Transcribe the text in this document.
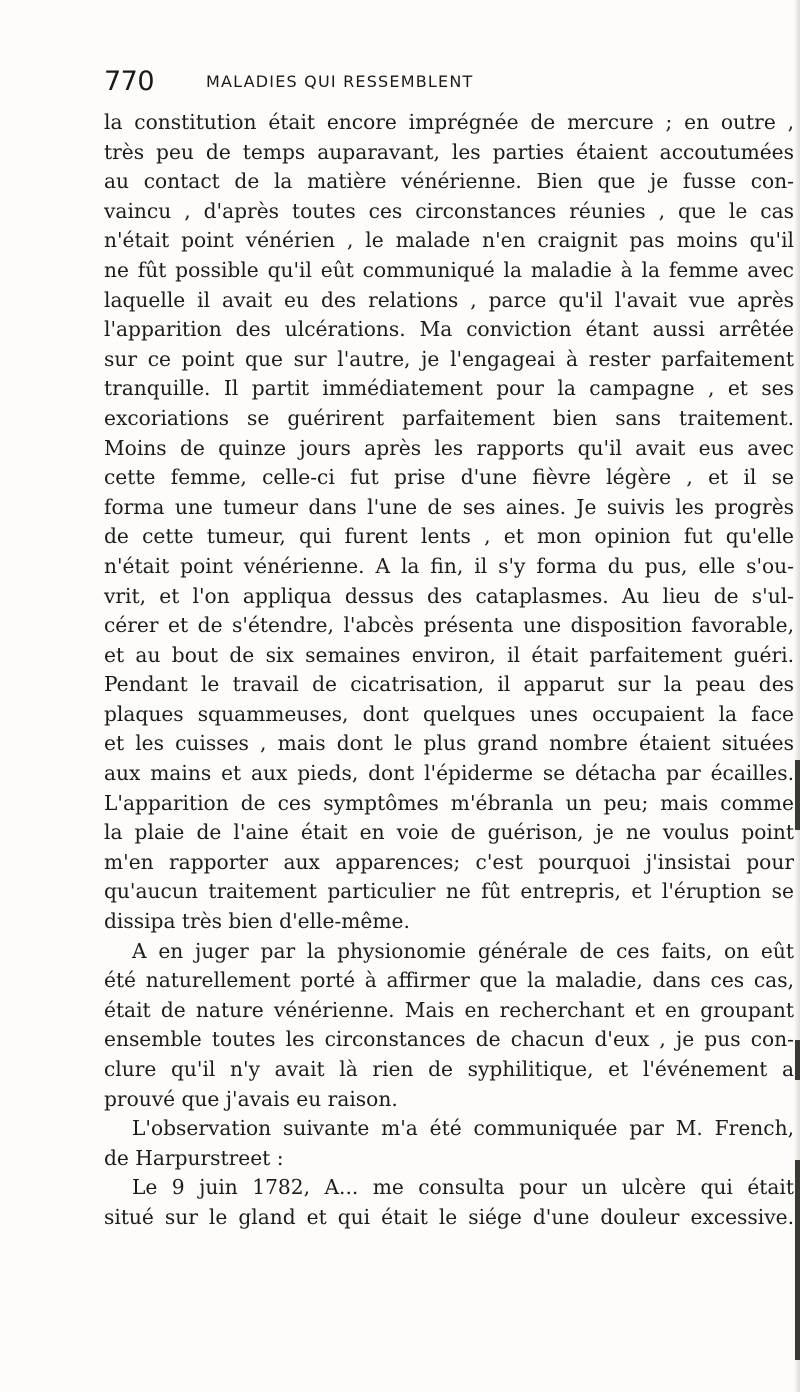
770	MALADIES QUI RESSEMBLENT
la constitution était encore imprégnée de mercure ; en outre ,
très peu de temps auparavant, les parties étaient accoutumées
au contact de la matière vénérienne. Bien que je fusse con-
vaincu , d'après toutes ces circonstances réunies , que le cas
n'était point vénérien , le malade n'en craignit pas moins qu'il
ne fût possible qu'il eût communiqué la maladie à la femme avec
laquelle il avait eu des relations , parce qu'il l'avait vue après
l'apparition des ulcérations. Ma conviction étant aussi arrêtée
sur ce point que sur l'autre, je l'engageai à rester parfaitement
tranquille. Il partit immédiatement pour la campagne , et ses
excoriations se guérirent parfaitement bien sans traitement.
Moins de quinze jours après les rapports qu'il avait eus avec
cette femme, celle-ci fut prise d'une fièvre légère , et il se
forma une tumeur dans l'une de ses aines. Je suivis les progrès
de cette tumeur, qui furent lents , et mon opinion fut qu'elle
n'était point vénérienne. A la fin, il s'y forma du pus, elle s'ou-
vrit, et l'on appliqua dessus des cataplasmes. Au lieu de s'ul-
cérer et de s'étendre, l'abcès présenta une disposition favorable,
et au bout de six semaines environ, il était parfaitement guéri.
Pendant le travail de cicatrisation, il apparut sur la peau des
plaques squammeuses, dont quelques unes occupaient la face
et les cuisses , mais dont le plus grand nombre étaient situées
aux mains et aux pieds, dont l'épiderme se détacha par écailles.
L'apparition de ces symptômes m'ébranla un peu; mais comme
la plaie de l'aine était en voie de guérison, je ne voulus point
m'en rapporter aux apparences; c'est pourquoi j'insistai pour
qu'aucun traitement particulier ne fût entrepris, et l'éruption se
dissipa très bien d'elle-même.
A en juger par la physionomie générale de ces faits, on eût
été naturellement porté à affirmer que la maladie, dans ces cas,
était de nature vénérienne. Mais en recherchant et en groupant
ensemble toutes les circonstances de chacun d'eux , je pus con-
clure qu'il n'y avait là rien de syphilitique, et l'événement a
prouvé que j'avais eu raison.
L'observation suivante m'a été communiquée par M. French,
de Harpurstreet :
Le 9 juin 1782, A... me consulta pour un ulcère qui était
situé sur le gland et qui était le siége d'une douleur excessive.
